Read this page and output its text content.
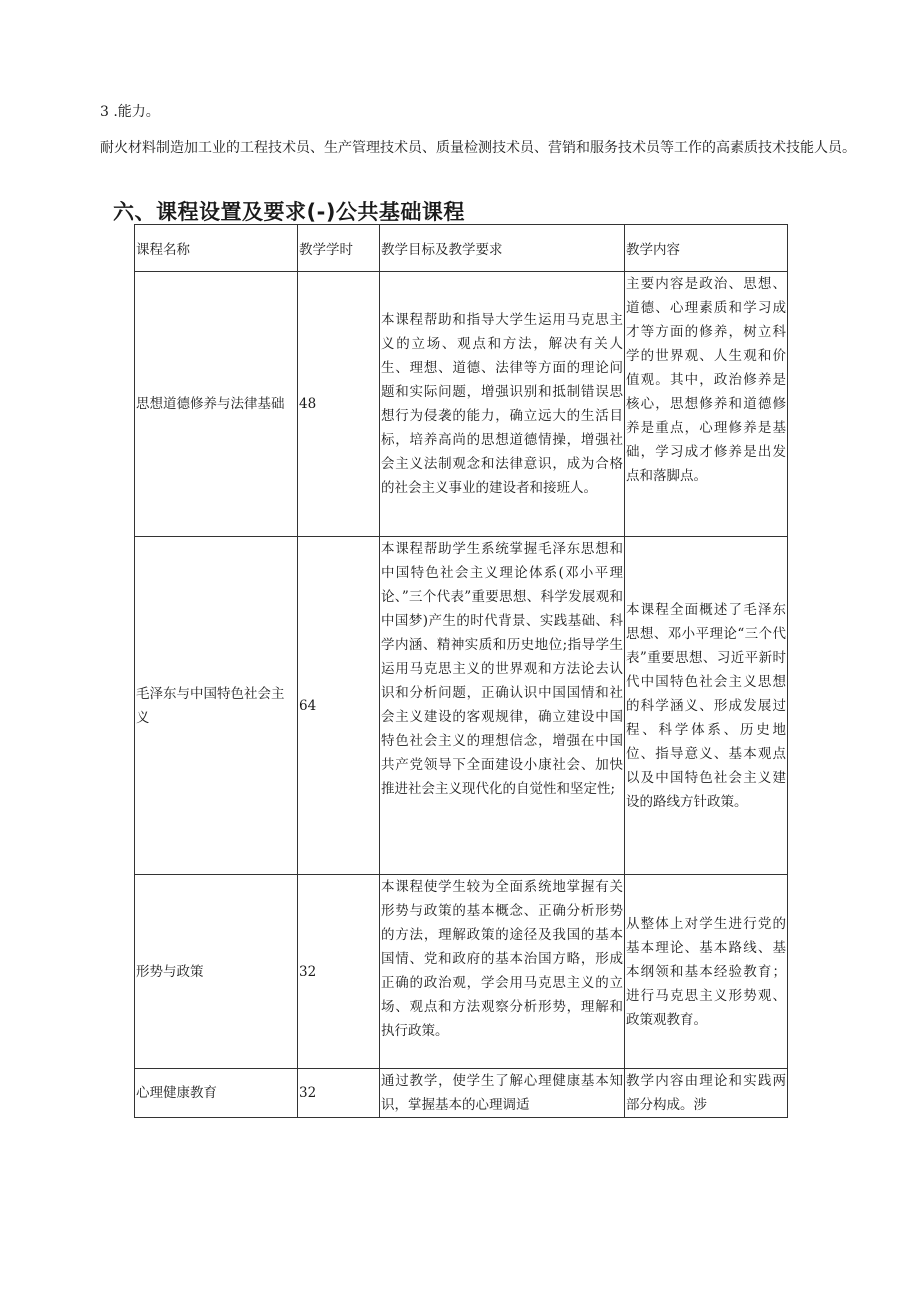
3 .能力。
耐火材料制造加工业的工程技术员、生产管理技术员、质量检测技术员、营销和服务技术员等工作的高素质技术技能人员。
六、课程设置及要求(-)公共基础课程
课程名称	教学学时	教学目标及教学要求	教学内容
思想道德修养与法律基础	48	本课程帮助和指导大学生运用马克思主义的立场、观点和方法，解决有关人生、理想、道德、法律等方面的理论问题和实际问题，增强识别和抵制错误思想行为侵袭的能力，确立远大的生活目标，培养高尚的思想道德情操，增强社会主义法制观念和法律意识，成为合格的社会主义事业的建设者和接班人。	主要内容是政治、思想、道德、心理素质和学习成才等方面的修养，树立科学的世界观、人生观和价值观。其中，政治修养是核心，思想修养和道德修养是重点，心理修养是基础，学习成才修养是出发点和落脚点。
毛泽东与中国特色社会主义	64	本课程帮助学生系统掌握毛泽东思想和中国特色社会主义理论体系(邓小平理论、”三个代表”重要思想、科学发展观和中国梦)产生的时代背景、实践基础、科学内涵、精神实质和历史地位;指导学生运用马克思主义的世界观和方法论去认识和分析问题，正确认识中国国情和社会主义建设的客观规律，确立建设中国特色社会主义的理想信念，增强在中国共产党领导下全面建设小康社会、加快推进社会主义现代化的自觉性和坚定性;	本课程全面概述了毛泽东思想、邓小平理论“三个代表”重要思想、习近平新时代中国特色社会主义思想的科学涵义、形成发展过程、科学体系、历史地位、指导意义、基本观点以及中国特色社会主义建设的路线方针政策。
形势与政策	32	本课程使学生较为全面系统地掌握有关形势与政策的基本概念、正确分析形势的方法，理解政策的途径及我国的基本国情、党和政府的基本治国方略，形成正确的政治观，学会用马克思主义的立场、观点和方法观察分析形势，理解和执行政策。	从整体上对学生进行党的基本理论、基本路线、基本纲领和基本经验教育；进行马克思主义形势观、政策观教育。
心理健康教育	32	通过教学，使学生了解心理健康基本知识，掌握基本的心理调适	教学内容由理论和实践两部分构成。涉
